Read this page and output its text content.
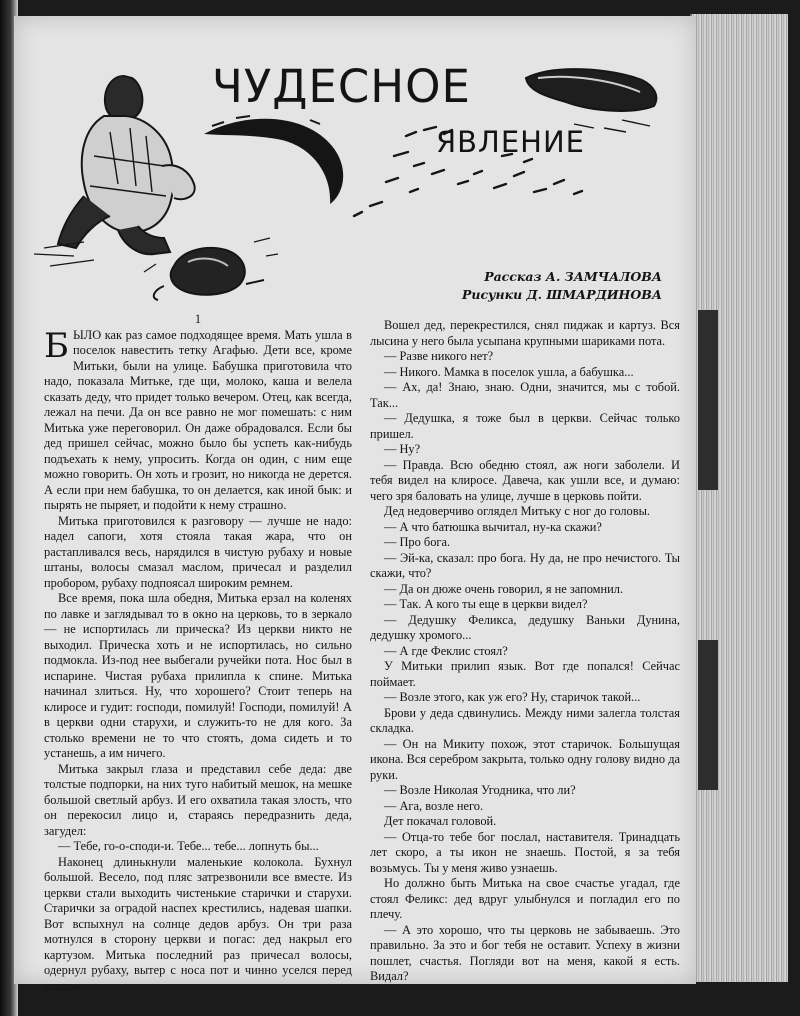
ЧУДЕСНОЕ
ЯВЛЕНИЕ
Рассказ А. ЗАМЧАЛОВА
Рисунки Д. ШМАРДИНОВА

1

БЫЛО как раз самое подходящее время. Мать ушла в поселок навестить тетку Агафью. Дети все, кроме Митьки, были на улице. Бабушка приготовила что надо, показала Митьке, где щи, молоко, каша и велела сказать деду, что придет только вечером. Отец, как всегда, лежал на печи. Да он все равно не мог помешать: с ним Митька уже переговорил. Он даже обрадовался. Если бы дед пришел сейчас, можно было бы успеть как-нибудь подъехать к нему, упросить. Когда он один, с ним еще можно говорить. Он хоть и грозит, но никогда не дерется. А если при нем бабушка, то он делается, как иной бык: и пырять не пыряет, и подойти к нему страшно.

Митька приготовился к разговору — лучше не надо: надел сапоги, хотя стояла такая жара, что он растапливался весь, нарядился в чистую рубаху и новые штаны, волосы смазал маслом, причесал и разделил пробором, рубаху подпоясал широким ремнем.

Все время, пока шла обедня, Митька ерзал на коленях по лавке и заглядывал то в окно на церковь, то в зеркало — не испортилась ли прическа? Из церкви никто не выходил. Прическа хоть и не испортилась, но сильно подмокла. Из-под нее выбегали ручейки пота. Нос был в испарине. Чистая рубаха прилипла к спине. Митька начинал злиться. Ну, что хорошего? Стоит теперь на клиросе и гудит: господи, помилуй! Господи, помилуй! А в церкви одни старухи, и служить-то не для кого. За столько времени не то что стоять, дома сидеть и то устанешь, а им ничего.

Митька закрыл глаза и представил себе деда: две толстые подпорки, на них туго набитый мешок, на мешке большой светлый арбуз. И его охватила такая злость, что он перекосил лицо и, стараясь передразнить деда, загудел:

— Тебе, го-о-споди-и. Тебе... тебе... лопнуть бы...

Наконец длинькнули маленькие колокола. Бухнул большой. Весело, под пляс затрезвонили все вместе. Из церкви стали выходить чистенькие старички и старухи. Старички за оградой наспех крестились, надевая шапки. Вот вспыхнул на солнце дедов арбуз. Он три раза мотнулся в сторону церкви и погас: дед накрыл его картузом. Митька последний раз причесал волосы, одернул рубаху, вытер с носа пот и чинно уселся перед столом.

Вошел дед, перекрестился, снял пиджак и картуз. Вся лысина у него была усыпана крупными шариками пота.

— Разве никого нет?

— Никого. Мамка в поселок ушла, а бабушка...

— Ах, да! Знаю, знаю. Одни, значится, мы с тобой. Так...

— Дедушка, я тоже был в церкви. Сейчас только пришел.

— Ну?

— Правда. Всю обедню стоял, аж ноги заболели. И тебя видел на клиросе. Давеча, как ушли все, и думаю: чего зря баловать на улице, лучше в церковь пойти.

Дед недоверчиво оглядел Митьку с ног до головы.

— А что батюшка вычитал, ну-ка скажи?

— Про бога.

— Эй-ка, сказал: про бога. Ну да, не про нечистого. Ты скажи, что?

— Да он дюже очень говорил, я не запомнил.

— Так. А кого ты еще в церкви видел?

— Дедушку Феликса, дедушку Ваньки Дунина, дедушку хромого...

— А где Феклис стоял?

У Митьки прилип язык. Вот где попался! Сейчас поймает.

— Возле этого, как уж его? Ну, старичок такой...

Брови у деда сдвинулись. Между ними залегла толстая складка.

— Он на Микиту похож, этот старичок. Большущая икона. Вся серебром закрыта, только одну голову видно да руки.

— Возле Николая Угодника, что ли?

— Ага, возле него.

Дет покачал головой.

— Отца-то тебе бог послал, наставителя. Тринадцать лет скоро, а ты икон не знаешь. Постой, я за тебя возьмусь. Ты у меня живо узнаешь.

Но должно быть Митька на свое счастье угадал, где стоял Феликс: дед вдруг улыбнулся и погладил его по плечу.

— А это хорошо, что ты церковь не забываешь. Это правильно. За это и бог тебя не оставит. Успеху в жизни пошлет, счастья. Погляди вот на меня, какой я есть. Видал?
